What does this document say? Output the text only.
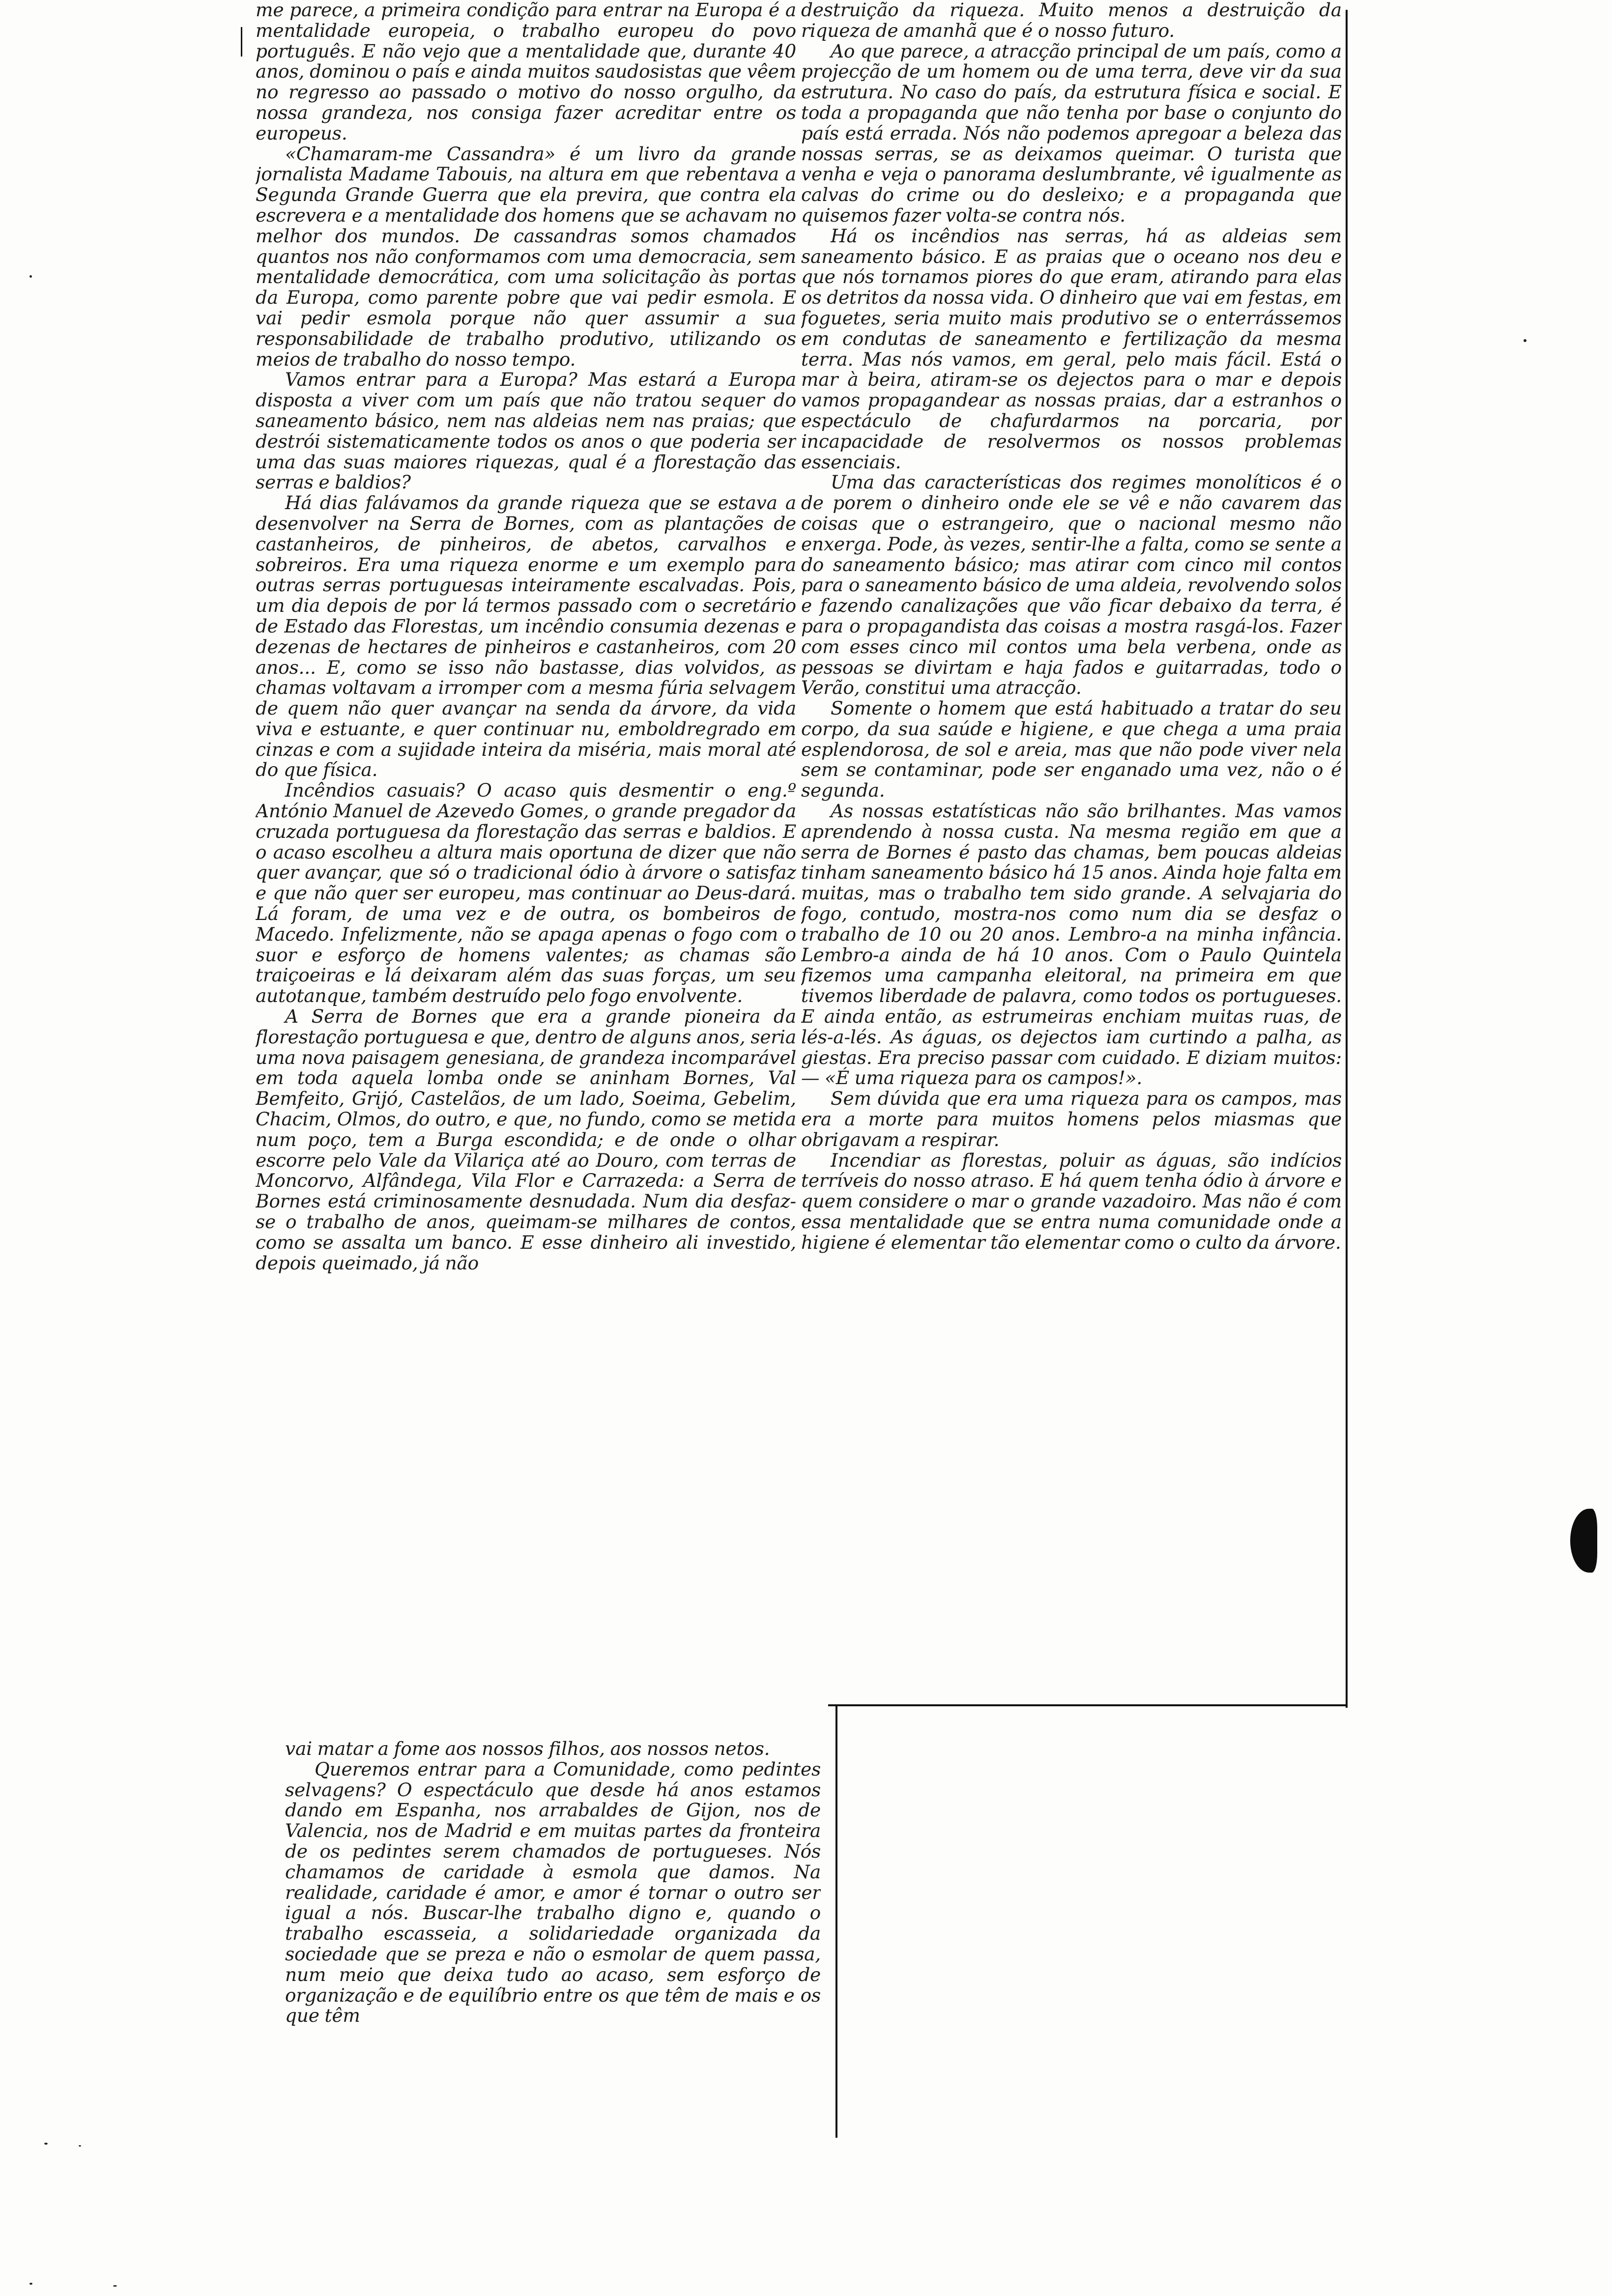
me parece, a primeira condição para entrar na Europa é a mentalidade europeia, o trabalho europeu do povo português. E não vejo que a mentalidade que, durante 40 anos, dominou o país e ainda muitos saudosistas que vêem no regresso ao passado o motivo do nosso orgulho, da nossa grandeza, nos consiga fazer acreditar entre os europeus.

«Chamaram-me Cassandra» é um livro da grande jornalista Madame Tabouis, na altura em que rebentava a Segunda Grande Guerra que ela previra, que contra ela escrevera e a mentalidade dos homens que se achavam no melhor dos mundos. De cassandras somos chamados quantos nos não conformamos com uma democracia, sem mentalidade democrática, com uma solicitação às portas da Europa, como parente pobre que vai pedir esmola. E vai pedir esmola porque não quer assumir a sua responsabilidade de trabalho produtivo, utilizando os meios de trabalho do nosso tempo.

Vamos entrar para a Europa? Mas estará a Europa disposta a viver com um país que não tratou sequer do saneamento básico, nem nas aldeias nem nas praias; que destrói sistematicamente todos os anos o que poderia ser uma das suas maiores riquezas, qual é a florestação das serras e baldios?

Há dias falávamos da grande riqueza que se estava a desenvolver na Serra de Bornes, com as plantações de castanheiros, de pinheiros, de abetos, carvalhos e sobreiros. Era uma riqueza enorme e um exemplo para outras serras portuguesas inteiramente escalvadas. Pois, um dia depois de por lá termos passado com o secretário de Estado das Florestas, um incêndio consumia dezenas e dezenas de hectares de pinheiros e castanheiros, com 20 anos... E, como se isso não bastasse, dias volvidos, as chamas voltavam a irromper com a mesma fúria selvagem de quem não quer avançar na senda da árvore, da vida viva e estuante, e quer continuar nu, emboldregrado em cinzas e com a sujidade inteira da miséria, mais moral até do que física.

Incêndios casuais? O acaso quis desmentir o eng.º António Manuel de Azevedo Gomes, o grande pregador da cruzada portuguesa da florestação das serras e baldios. E o acaso escolheu a altura mais oportuna de dizer que não quer avançar, que só o tradicional ódio à árvore o satisfaz e que não quer ser europeu, mas continuar ao Deus-dará. Lá foram, de uma vez e de outra, os bombeiros de Macedo. Infelizmente, não se apaga apenas o fogo com o suor e esforço de homens valentes; as chamas são traiçoeiras e lá deixaram além das suas forças, um seu autotanque, também destruído pelo fogo envolvente.

A Serra de Bornes que era a grande pioneira da florestação portuguesa e que, dentro de alguns anos, seria uma nova paisagem genesiana, de grandeza incomparável em toda aquela lomba onde se aninham Bornes, Val Bemfeito, Grijó, Castelãos, de um lado, Soeima, Gebelim, Chacim, Olmos, do outro, e que, no fundo, como se metida num poço, tem a Burga escondida; e de onde o olhar escorre pelo Vale da Vilariça até ao Douro, com terras de Moncorvo, Alfândega, Vila Flor e Carrazeda: a Serra de Bornes está criminosamente desnudada. Num dia desfaz-se o trabalho de anos, queimam-se milhares de contos, como se assalta um banco. E esse dinheiro ali investido, depois queimado, já não

destruição da riqueza. Muito menos a destruição da riqueza de amanhã que é o nosso futuro.

Ao que parece, a atracção principal de um país, como a projecção de um homem ou de uma terra, deve vir da sua estrutura. No caso do país, da estrutura física e social. E toda a propaganda que não tenha por base o conjunto do país está errada. Nós não podemos apregoar a beleza das nossas serras, se as deixamos queimar. O turista que venha e veja o panorama deslumbrante, vê igualmente as calvas do crime ou do desleixo; e a propaganda que quisemos fazer volta-se contra nós.

Há os incêndios nas serras, há as aldeias sem saneamento básico. E as praias que o oceano nos deu e que nós tornamos piores do que eram, atirando para elas os detritos da nossa vida. O dinheiro que vai em festas, em foguetes, seria muito mais produtivo se o enterrássemos em condutas de saneamento e fertilização da mesma terra. Mas nós vamos, em geral, pelo mais fácil. Está o mar à beira, atiram-se os dejectos para o mar e depois vamos propagandear as nossas praias, dar a estranhos o espectáculo de chafurdarmos na porcaria, por incapacidade de resolvermos os nossos problemas essenciais.

Uma das características dos regimes monolíticos é o de porem o dinheiro onde ele se vê e não cavarem das coisas que o estrangeiro, que o nacional mesmo não enxerga. Pode, às vezes, sentir-lhe a falta, como se sente a do saneamento básico; mas atirar com cinco mil contos para o saneamento básico de uma aldeia, revolvendo solos e fazendo canalizações que vão ficar debaixo da terra, é para o propagandista das coisas a mostra rasgá-los. Fazer com esses cinco mil contos uma bela verbena, onde as pessoas se divirtam e haja fados e guitarradas, todo o Verão, constitui uma atracção.

Somente o homem que está habituado a tratar do seu corpo, da sua saúde e higiene, e que chega a uma praia esplendorosa, de sol e areia, mas que não pode viver nela sem se contaminar, pode ser enganado uma vez, não o é segunda.

As nossas estatísticas não são brilhantes. Mas vamos aprendendo à nossa custa. Na mesma região em que a serra de Bornes é pasto das chamas, bem poucas aldeias tinham saneamento básico há 15 anos. Ainda hoje falta em muitas, mas o trabalho tem sido grande. A selvajaria do fogo, contudo, mostra-nos como num dia se desfaz o trabalho de 10 ou 20 anos. Lembro-a na minha infância. Lembro-a ainda de há 10 anos. Com o Paulo Quintela fizemos uma campanha eleitoral, na primeira em que tivemos liberdade de palavra, como todos os portugueses. E ainda então, as estrumeiras enchiam muitas ruas, de lés-a-lés. As águas, os dejectos iam curtindo a palha, as giestas. Era preciso passar com cuidado. E diziam muitos: — «É uma riqueza para os campos!».

Sem dúvida que era uma riqueza para os campos, mas era a morte para muitos homens pelos miasmas que obrigavam a respirar.

Incendiar as florestas, poluir as águas, são indícios terríveis do nosso atraso. E há quem tenha ódio à árvore e quem considere o mar o grande vazadoiro. Mas não é com essa mentalidade que se entra numa comunidade onde a higiene é elementar tão elementar como o culto da árvore.

vai matar a fome aos nossos filhos, aos nossos netos.

Queremos entrar para a Comunidade, como pedintes selvagens? O espectáculo que desde há anos estamos dando em Espanha, nos arrabaldes de Gijon, nos de Valencia, nos de Madrid e em muitas partes da fronteira de os pedintes serem chamados de portugueses. Nós chamamos de caridade à esmola que damos. Na realidade, caridade é amor, e amor é tornar o outro ser igual a nós. Buscar-lhe trabalho digno e, quando o trabalho escasseia, a solidariedade organizada da sociedade que se preza e não o esmolar de quem passa, num meio que deixa tudo ao acaso, sem esforço de organização e de equilíbrio entre os que têm de mais e os que têm
